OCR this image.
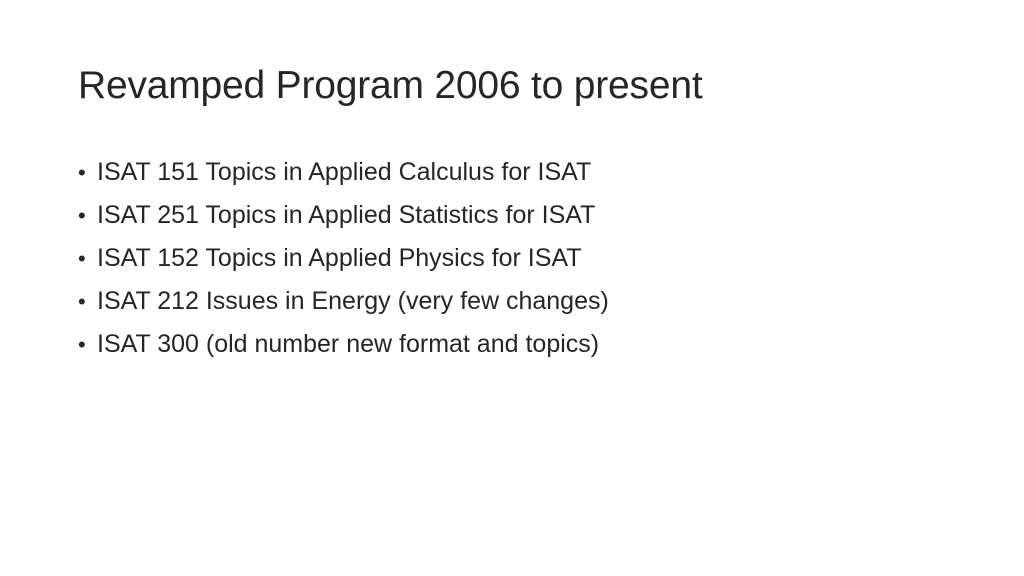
Revamped Program 2006 to present
• ISAT 151 Topics in Applied Calculus for ISAT
• ISAT 251 Topics in Applied Statistics for ISAT
• ISAT 152 Topics in Applied Physics for ISAT
• ISAT 212 Issues in Energy (very few changes)
• ISAT 300 (old number new format and topics)
